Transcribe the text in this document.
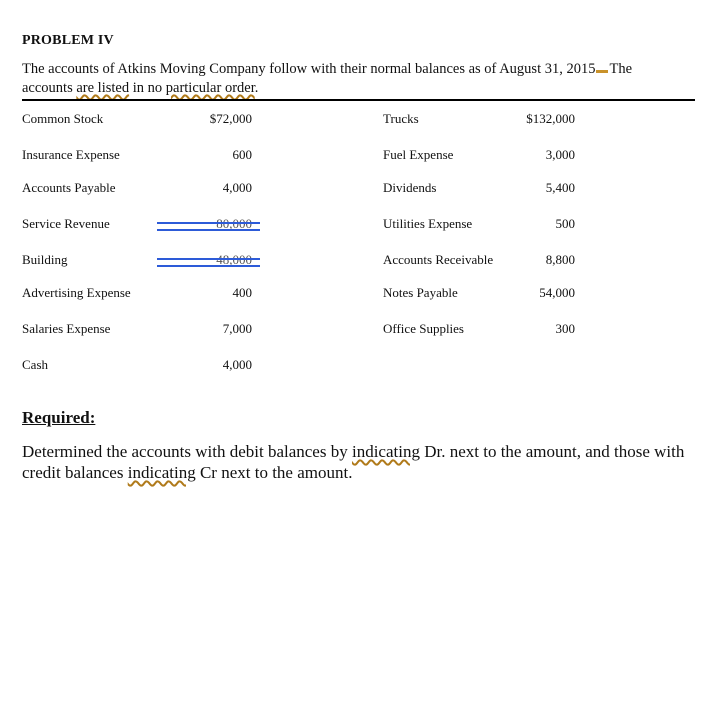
PROBLEM IV
The accounts of Atkins Moving Company follow with their normal balances as of August 31, 2015 The
accounts are listed in no particular order.
Common Stock	$72,000
Insurance Expense	600
Accounts Payable	4,000
Service Revenue	80,000
Building	48,000
Advertising Expense	400
Salaries Expense	7,000
Cash	4,000
Trucks	$132,000
Fuel Expense	3,000
Dividends	5,400
Utilities Expense	500
Accounts Receivable	8,800
Notes Payable	54,000
Office Supplies	300
Required:
Determined the accounts with debit balances by indicating Dr. next to the amount, and those with credit balances indicating Cr next to the amount.
